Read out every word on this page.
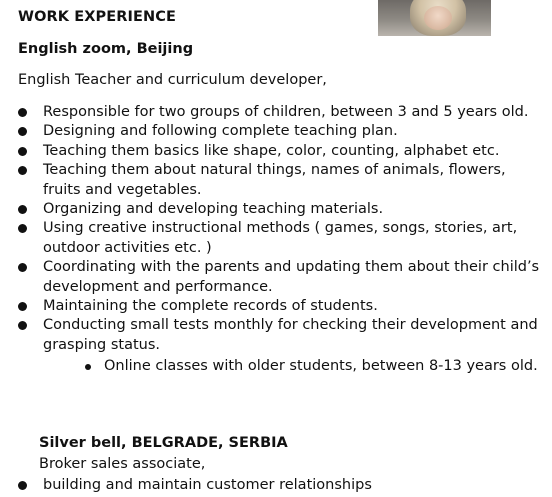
WORK EXPERIENCE
English zoom, Beijing

English Teacher and curriculum developer,

Responsible for two groups of children, between 3 and 5 years old.
Designing and following complete teaching plan.
Teaching them basics like shape, color, counting, alphabet etc.
Teaching them about natural things, names of animals, flowers, fruits and vegetables.
Organizing and developing teaching materials.
Using creative instructional methods ( games, songs, stories, art, outdoor activities etc. )
Coordinating with the parents and updating them about their child’s development and performance.
Maintaining the complete records of students.
Conducting small tests monthly for checking their development and grasping status.
Online classes with older students, between 8-13 years old.
Silver bell, BELGRADE, SERBIA

Broker sales associate,

building and maintain customer relationships
